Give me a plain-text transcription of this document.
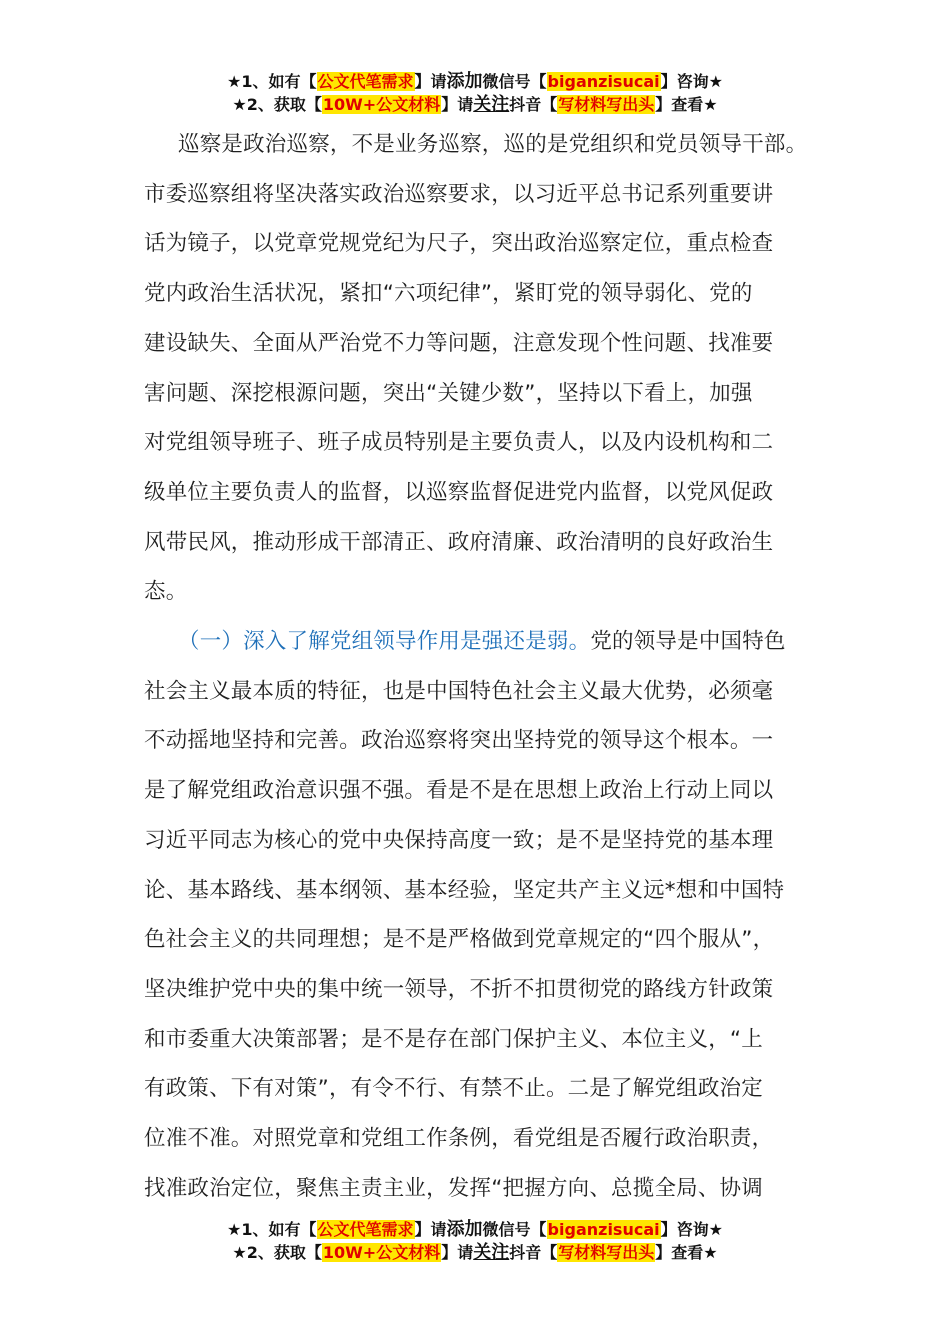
★1、如有【公文代笔需求】请添加微信号【biganzisucai】咨询★
★2、获取【10W+公文材料】请关注抖音【写材料写出头】查看★

巡察是政治巡察，不是业务巡察，巡的是党组织和党员领导干部。

市委巡察组将坚决落实政治巡察要求，以习近平总书记系列重要讲

话为镜子，以党章党规党纪为尺子，突出政治巡察定位，重点检查

党内政治生活状况，紧扣“六项纪律”，紧盯党的领导弱化、党的

建设缺失、全面从严治党不力等问题，注意发现个性问题、找准要

害问题、深挖根源问题，突出“关键少数”，坚持以下看上，加强

对党组领导班子、班子成员特别是主要负责人，以及内设机构和二

级单位主要负责人的监督，以巡察监督促进党内监督，以党风促政

风带民风，推动形成干部清正、政府清廉、政治清明的良好政治生

态。

（一）深入了解党组领导作用是强还是弱。党的领导是中国特色

社会主义最本质的特征，也是中国特色社会主义最大优势，必须毫

不动摇地坚持和完善。政治巡察将突出坚持党的领导这个根本。一

是了解党组政治意识强不强。看是不是在思想上政治上行动上同以

习近平同志为核心的党中央保持高度一致；是不是坚持党的基本理

论、基本路线、基本纲领、基本经验，坚定共产主义远*想和中国特

色社会主义的共同理想；是不是严格做到党章规定的“四个服从”，

坚决维护党中央的集中统一领导，不折不扣贯彻党的路线方针政策

和市委重大决策部署；是不是存在部门保护主义、本位主义，“上

有政策、下有对策”，有令不行、有禁不止。二是了解党组政治定

位准不准。对照党章和党组工作条例，看党组是否履行政治职责，

找准政治定位，聚焦主责主业，发挥“把握方向、总揽全局、协调

★1、如有【公文代笔需求】请添加微信号【biganzisucai】咨询★
★2、获取【10W+公文材料】请关注抖音【写材料写出头】查看★
